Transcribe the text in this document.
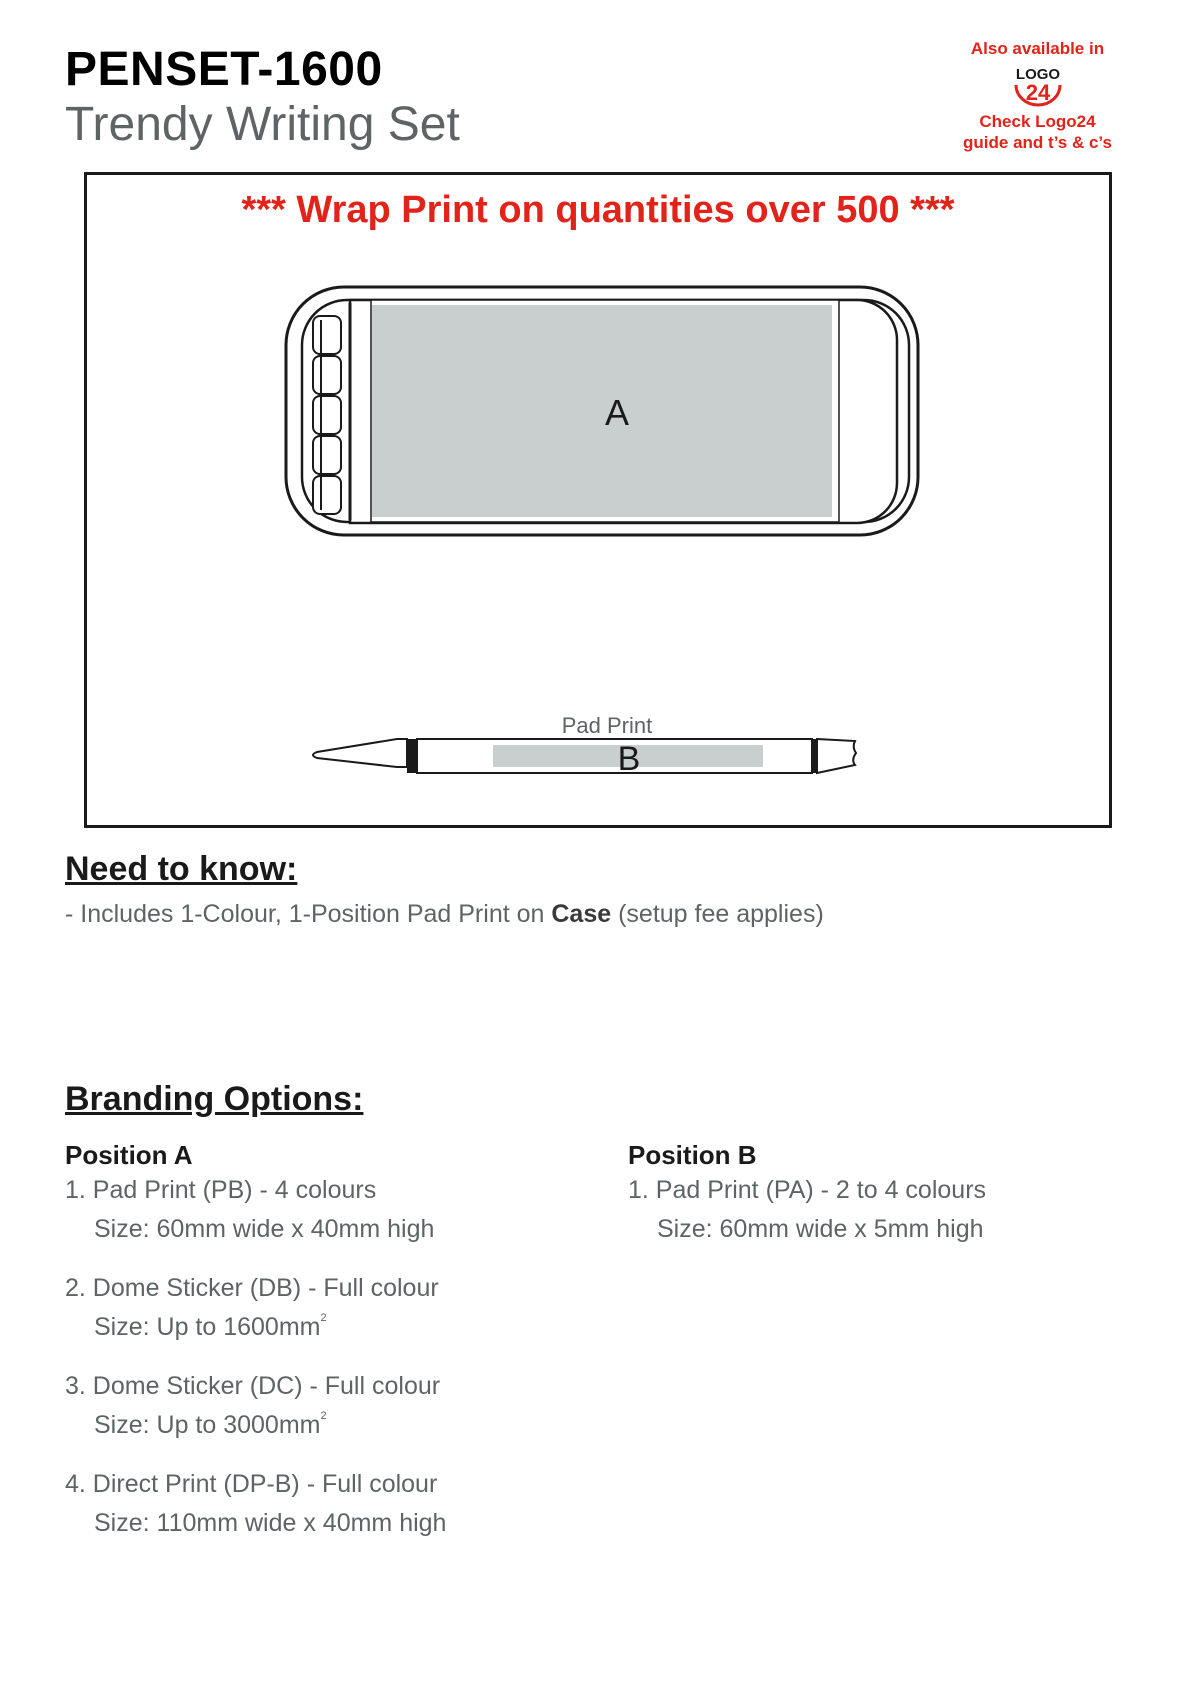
PENSET-1600
Trendy Writing Set
Also available in
LOGO
24
Check Logo24
guide and t’s & c’s
*** Wrap Print on quantities over 500 ***
A
Pad Print
B
Need to know:
- Includes 1-Colour, 1-Position Pad Print on Case (setup fee applies)
Branding Options:
Position A
1. Pad Print (PB) - 4 colours
Size: 60mm wide x 40mm high
2. Dome Sticker (DB) - Full colour
Size: Up to $1600mm^2$
3. Dome Sticker (DC) - Full colour
Size: Up to $3000mm^2$
4. Direct Print (DP-B) - Full colour
Size: 110mm wide x 40mm high
Position B
1. Pad Print (PA) - 2 to 4 colours
Size: 60mm wide x 5mm high
